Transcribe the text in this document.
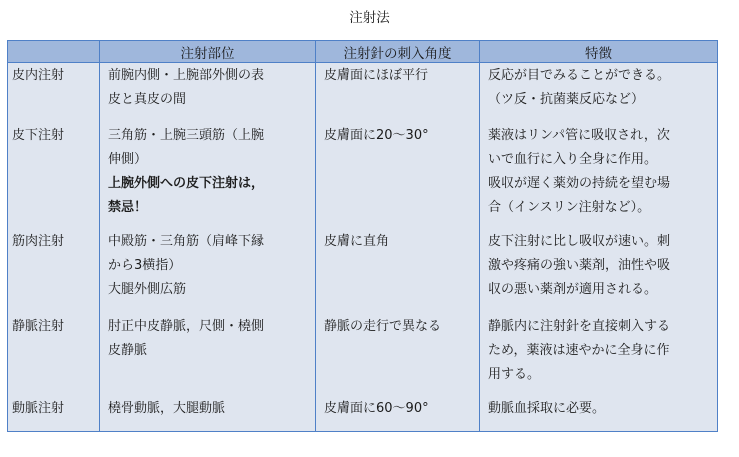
注射法
	注射部位	注射針の刺入角度	特徴
皮内注射	前腕内側・上腕部外側の表
皮と真皮の間	皮膚面にほぼ平行	反応が目でみることができる。
（ツ反・抗菌薬反応など）

皮下注射	三角筋・上腕三頭筋（上腕
伸側）
上腕外側への皮下注射は，
禁忌！	皮膚面に20～30°	薬液はリンパ管に吸収され，次
いで血行に入り全身に作用。
吸収が遅く薬効の持続を望む場
合（インスリン注射など）。

筋肉注射	中殿筋・三角筋（肩峰下縁
から3横指）
大腿外側広筋	皮膚に直角	皮下注射に比し吸収が速い。刺
激や疼痛の強い薬剤，油性や吸
収の悪い薬剤が適用される。

静脈注射	肘正中皮静脈，尺側・橈側
皮静脈	静脈の走行で異なる	静脈内に注射針を直接刺入する
ため，薬液は速やかに全身に作
用する。

動脈注射	橈骨動脈，大腿動脈	皮膚面に60～90°	動脈血採取に必要。
